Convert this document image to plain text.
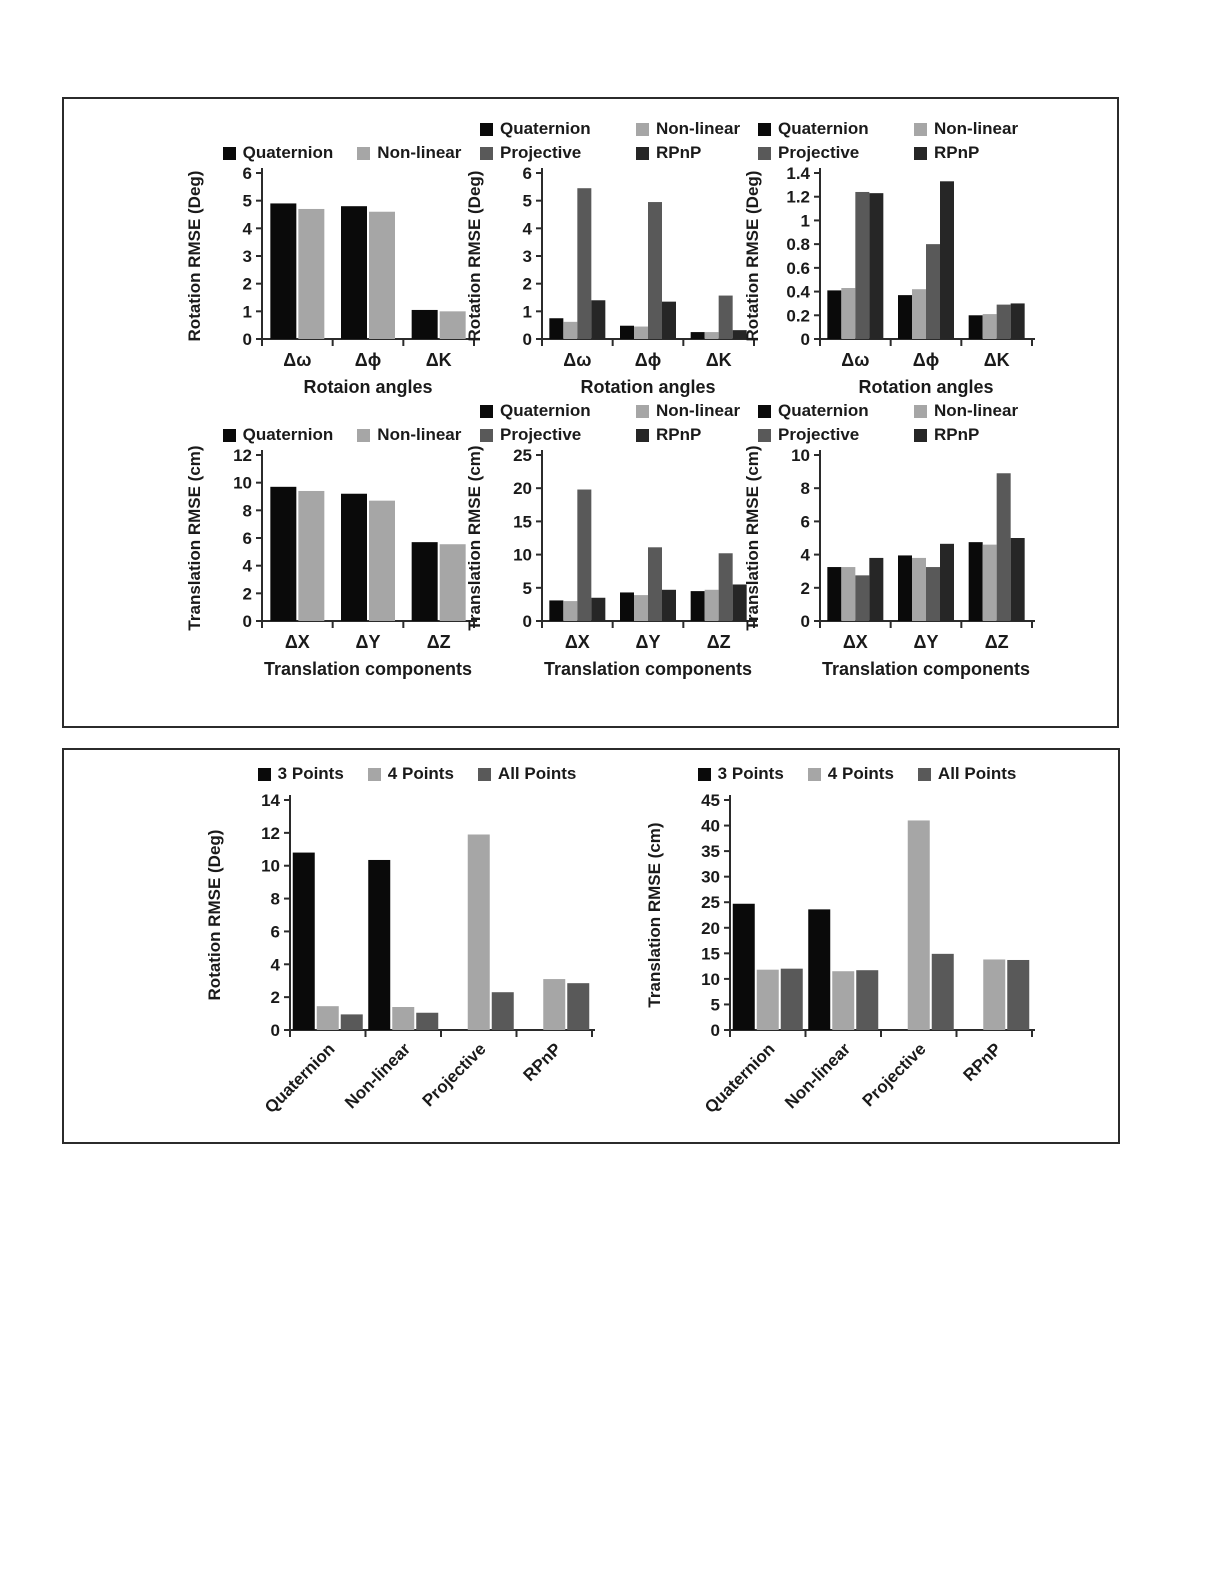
Quaternion	Non-linear
0
1
2
3
4
5
6
Δω Δϕ ΔK
Rotation RMSE (Deg)
Rotaion angles
Quaternion	Non-linear
Projective	RPnP
0
1
2
3
4
5
6
Δω Δϕ ΔK
Rotation RMSE (Deg)
Rotation angles
Quaternion	Non-linear
Projective	RPnP
0
0.2
0.4
0.6
0.8
1
1.2
1.4
Δω Δϕ ΔK
Rotation RMSE (Deg)
Rotation angles
Quaternion	Non-linear
0
2
4
6
8
10
12
ΔX	ΔY	ΔZ
Translation RMSE (cm)
Translation components
Quaternion	Non-linear
Projective	RPnP
0
5
10
15
20
25
ΔX	ΔY	ΔZ
Translation RMSE (cm)
Translation components
Quaternion	Non-linear
Projective	RPnP
0
2
4
6
8
10
ΔX	ΔY	ΔZ
Translation RMSE (cm)
Translation components
3 Points	4 Points	All Points
0
2
4
6
8
10
12
14
Quaternion Non-linear Projective RPnP
Rotation RMSE (Deg)
3 Points	4 Points	All Points
0
5
10
15
20
25
30
35
40
45
Quaternion Non-linear Projective RPnP
Translation RMSE (cm)
